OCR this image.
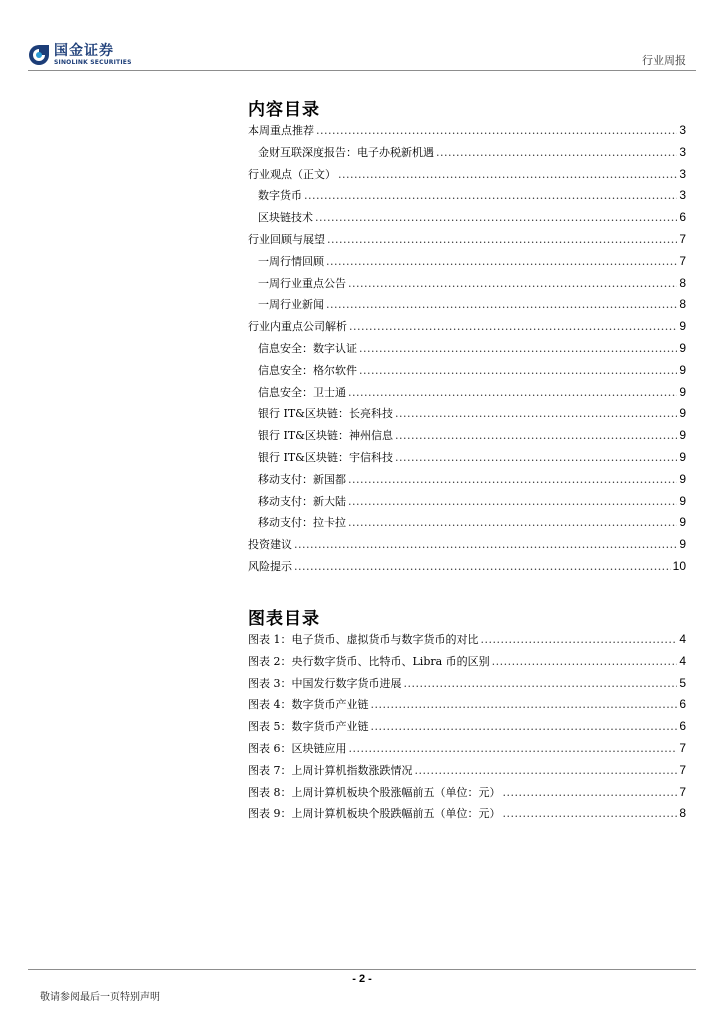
国金证券
SINOLINK SECURITIES	行业周报
内容目录
本周重点推荐 .....	3
金财互联深度报告：电子办税新机遇 .....	3
行业观点（正文） .....	3
数字货币 .....	3
区块链技术 .....	6
行业回顾与展望 .....	7
一周行情回顾 .....	7
一周行业重点公告 .....	8
一周行业新闻 .....	8
行业内重点公司解析 .....	9
信息安全：数字认证 .....	9
信息安全：格尔软件 .....	9
信息安全：卫士通 .....	9
银行 IT&区块链：长亮科技 .....	9
银行 IT&区块链：神州信息 .....	9
银行 IT&区块链：宇信科技 .....	9
移动支付：新国都 .....	9
移动支付：新大陆 .....	9
移动支付：拉卡拉 .....	9
投资建议 .....	9
风险提示 .....	10
图表目录
图表 1：电子货币、虚拟货币与数字货币的对比 .....	4
图表 2：央行数字货币、比特币、Libra 币的区别 .....	4
图表 3：中国发行数字货币进展 .....	5
图表 4：数字货币产业链 .....	6
图表 5：数字货币产业链 .....	6
图表 6：区块链应用 .....	7
图表 7：上周计算机指数涨跌情况 .....	7
图表 8：上周计算机板块个股涨幅前五（单位：元） .....	7
图表 9：上周计算机板块个股跌幅前五（单位：元） .....	8
- 2 -
敬请参阅最后一页特别声明
